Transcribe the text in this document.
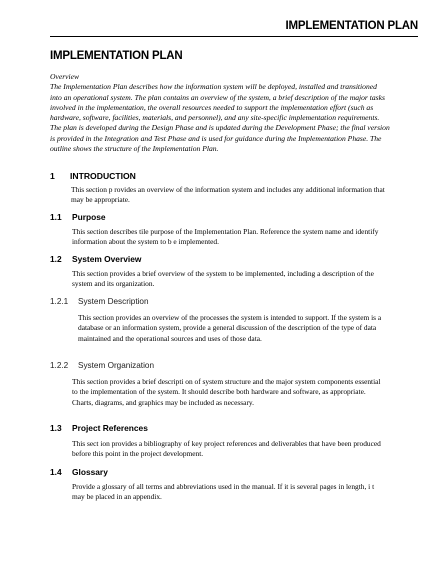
IMPLEMENTATION PLAN
IMPLEMENTATION PLAN
Overview
The Implementation Plan describes how the information system will be deployed, installed and transitioned into an operational system. The plan contains an overview of the system, a brief description of the major tasks involved in the implementation, the overall resources needed to support the implementation effort (such as hardware, software, facilities, materials, and personnel), and any site-specific implementation requirements. The plan is developed during the Design Phase and is updated during the Development Phase; the final version is provided in the Integration and Test Phase and is used for guidance during the Implementation Phase. The outline shows the structure of the Implementation Plan.
1 INTRODUCTION

This section p rovides an overview of the information system and includes any additional information that may be appropriate.

1.1 Purpose

This section describes tile purpose of the Implementation Plan. Reference the system name and identify information about the system to b e implemented.

1.2 System Overview

This section provides a brief overview of the system to be implemented, including a description of the system and its organization.

1.2.1 System Description

This section provides an overview of the processes the system is intended to support. If the system is a database or an information system, provide a general discussion of the description of the type of data maintained and the operational sources and uses of those data.

1.2.2 System Organization

This section provides a brief descripti on of system structure and the major system components essential to the implementation of the system. It should describe both hardware and software, as appropriate. Charts, diagrams, and graphics may be included as necessary.

1.3 Project References

This sect ion provides a bibliography of key project references and deliverables that have been produced before this point in the project development.

1.4 Glossary

Provide a glossary of all terms and abbreviations used in the manual. If it is several pages in length, i t may be placed in an appendix.
